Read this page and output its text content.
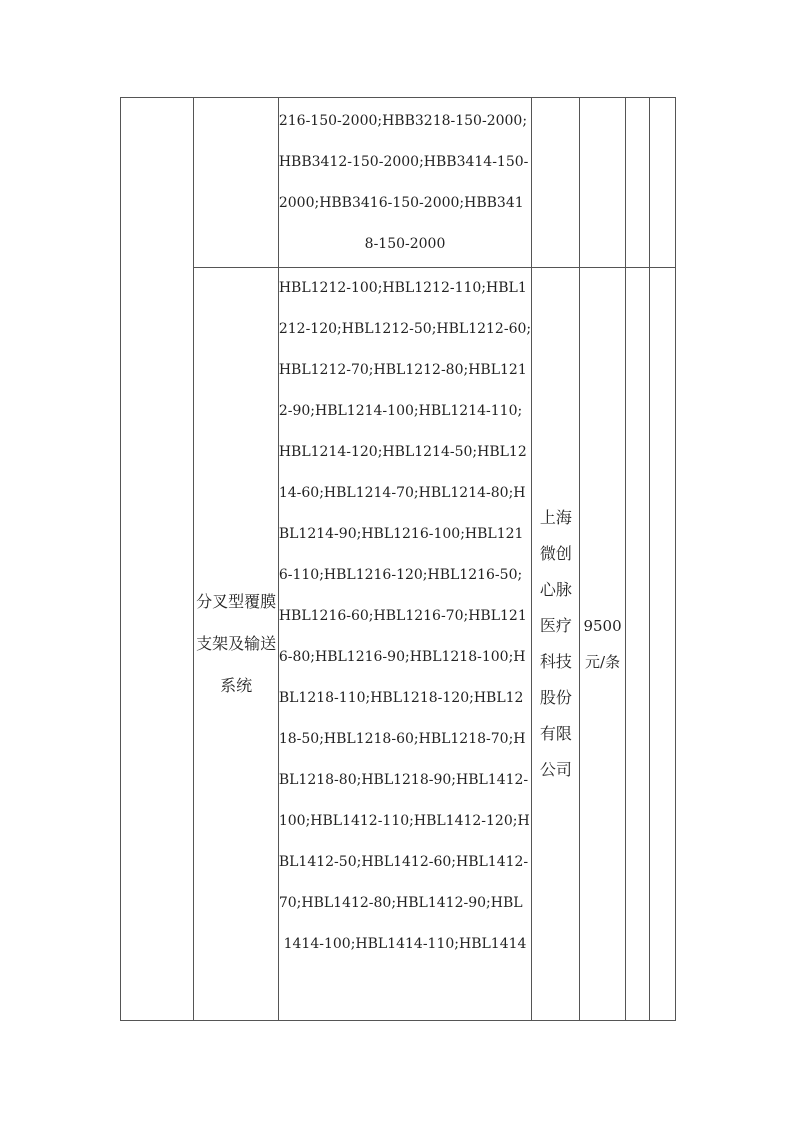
		216-150-2000;HBB3218-150-2000;HBB3412-150-2000;HBB3414-150-2000;HBB3416-150-2000;HBB3418-150-2000				
	分叉型覆膜支架及输送系统	HBL1212-100;HBL1212-110;HBL1212-120;HBL1212-50;HBL1212-60;HBL1212-70;HBL1212-80;HBL1212-90;HBL1214-100;HBL1214-110;HBL1214-120;HBL1214-50;HBL1214-60;HBL1214-70;HBL1214-80;HBL1214-90;HBL1216-100;HBL1216-110;HBL1216-120;HBL1216-50;HBL1216-60;HBL1216-70;HBL1216-80;HBL1216-90;HBL1218-100;HBL1218-110;HBL1218-120;HBL1218-50;HBL1218-60;HBL1218-70;HBL1218-80;HBL1218-90;HBL1412-100;HBL1412-110;HBL1412-120;HBL1412-50;HBL1412-60;HBL1412-70;HBL1412-80;HBL1412-90;HBL1414-100;HBL1414-110;HBL1414	上海微创心脉医疗科技股份有限公司	9500元/条		
